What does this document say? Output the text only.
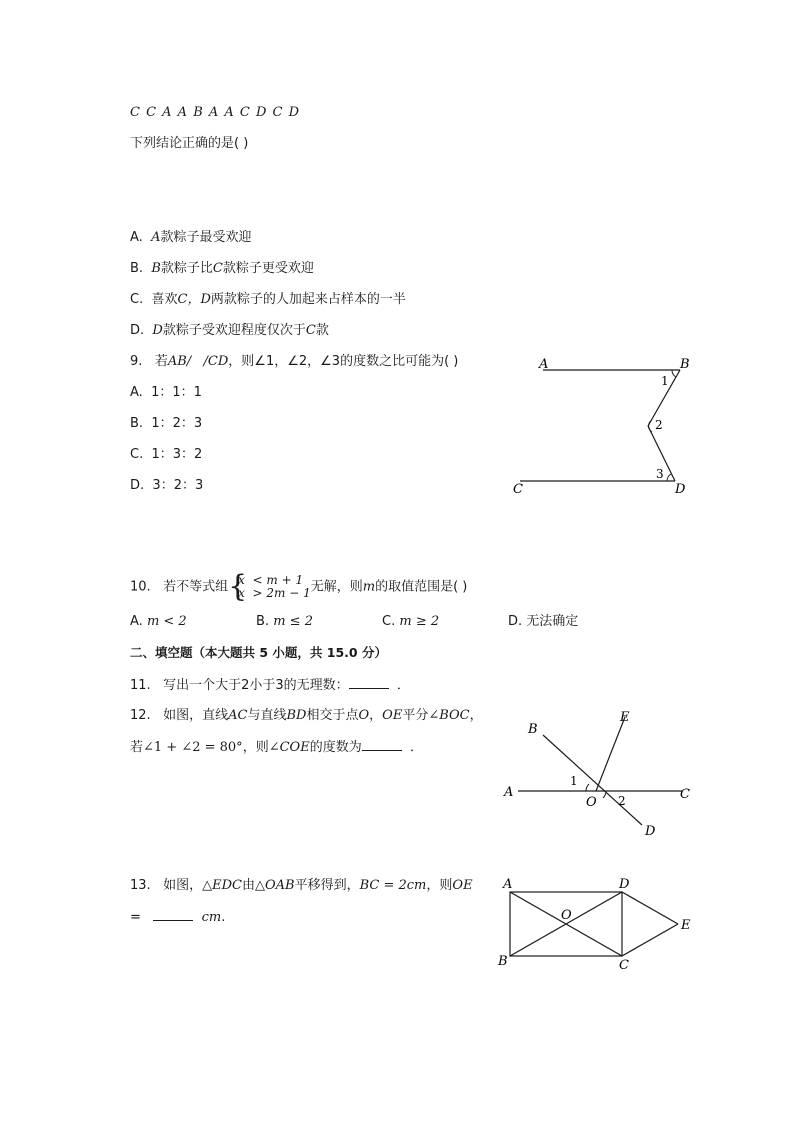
C C A A B A A C D C D
下列结论正确的是( )
A. A款粽子最受欢迎
B. B款粽子比C款粽子更受欢迎
C. 喜欢C，D两款粽子的人加起来占样本的一半
D. D款粽子受欢迎程度仅次于C款
9. 若AB/   /CD，则∠1，∠2，∠3的度数之比可能为( )
A. 1：1：1
B. 1：2：3
C. 1：3：2
D. 3：2：3
A	B
C	D
1
2
3
10. 若不等式组 {
x  < m + 1
x  > 2m − 1 无解，则m的取值范围是( )
A. m < 2	B. m ≤ 2	C. m ≥ 2	D. 无法确定
二、填空题（本大题共 5 小题，共 15.0 分）
11. 写出一个大于2小于3的无理数：	．
12. 如图，直线AC与直线BD相交于点O，OE平分∠BOC，
若∠1 + ∠2 = 80°，则∠COE的度数为	．
A
B
C
D
E
O
1
2
13. 如图，△EDC由△OAB平移得到，BC = 2cm，则OE
=	cm.
A
B	C
D
E
O
